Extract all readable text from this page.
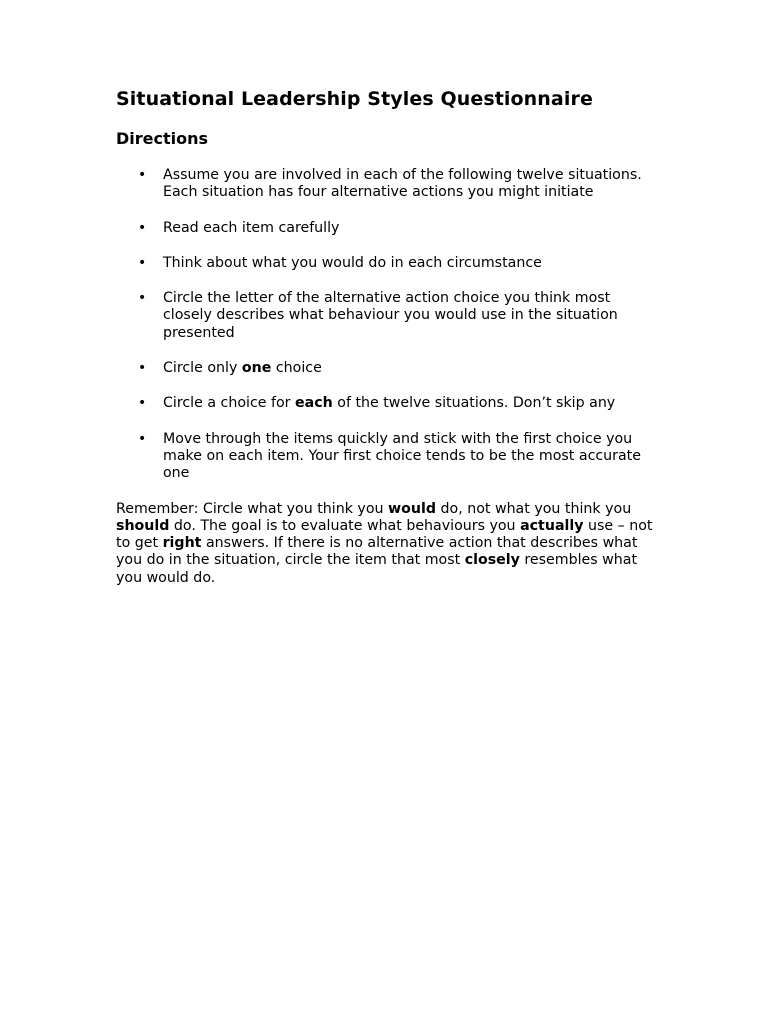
Situational Leadership Styles Questionnaire
Directions
• Assume you are involved in each of the following twelve situations. Each situation has four alternative actions you might initiate
• Read each item carefully
• Think about what you would do in each circumstance
• Circle the letter of the alternative action choice you think most closely describes what behaviour you would use in the situation presented
• Circle only one choice
• Circle a choice for each of the twelve situations. Don’t skip any
• Move through the items quickly and stick with the first choice you make on each item. Your first choice tends to be the most accurate one

Remember: Circle what you think you would do, not what you think you should do. The goal is to evaluate what behaviours you actually use – not to get right answers. If there is no alternative action that describes what you do in the situation, circle the item that most closely resembles what you would do.
